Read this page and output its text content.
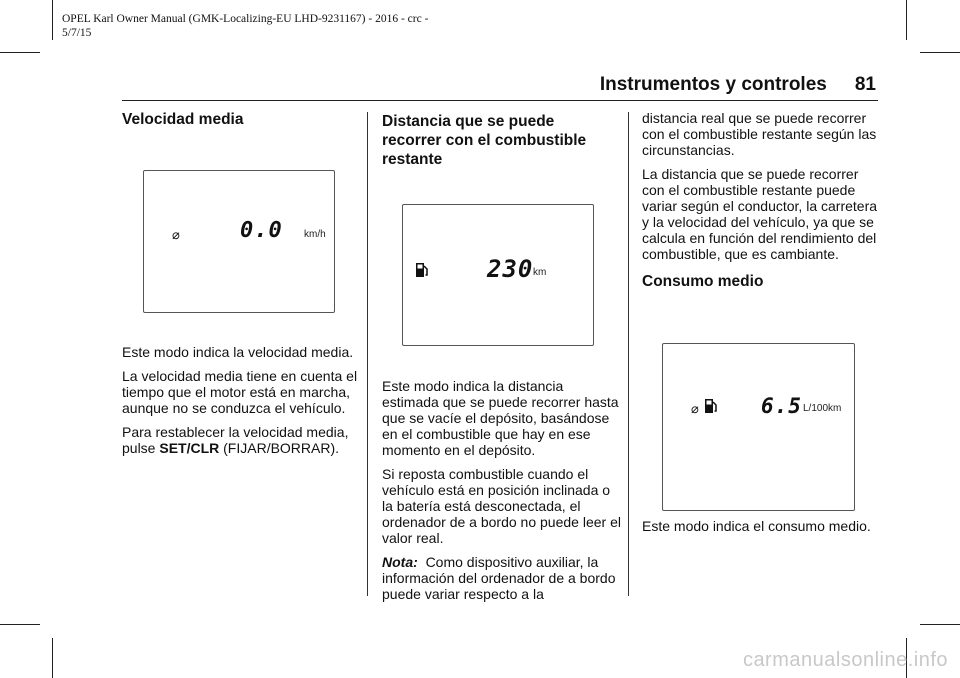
OPEL Karl Owner Manual (GMK-Localizing-EU LHD-9231167) - 2016 - crc -
5/7/15
Instrumentos y controles 81
Velocidad media
⌀	0.0 km/h

Este modo indica la velocidad media.

La velocidad media tiene en cuenta el tiempo que el motor está en marcha, aunque no se conduzca el vehículo.

Para restablecer la velocidad media, pulse SET/CLR (FIJAR/BORRAR).

Distancia que se puede
recorrer con el combustible
restante
230 km

Este modo indica la distancia estimada que se puede recorrer hasta que se vacíe el depósito, basándose en el combustible que hay en ese momento en el depósito.

Si reposta combustible cuando el vehículo está en posición inclinada o la batería está desconectada, el ordenador de a bordo no puede leer el valor real.

Nota: Como dispositivo auxiliar, la información del ordenador de a bordo puede variar respecto a la

distancia real que se puede recorrer con el combustible restante según las circunstancias.

La distancia que se puede recorrer con el combustible restante puede variar según el conductor, la carretera y la velocidad del vehículo, ya que se calcula en función del rendimiento del combustible, que es cambiante.

Consumo medio
⌀	6.5 L/100km

Este modo indica el consumo medio.

carmanualsonline.info
